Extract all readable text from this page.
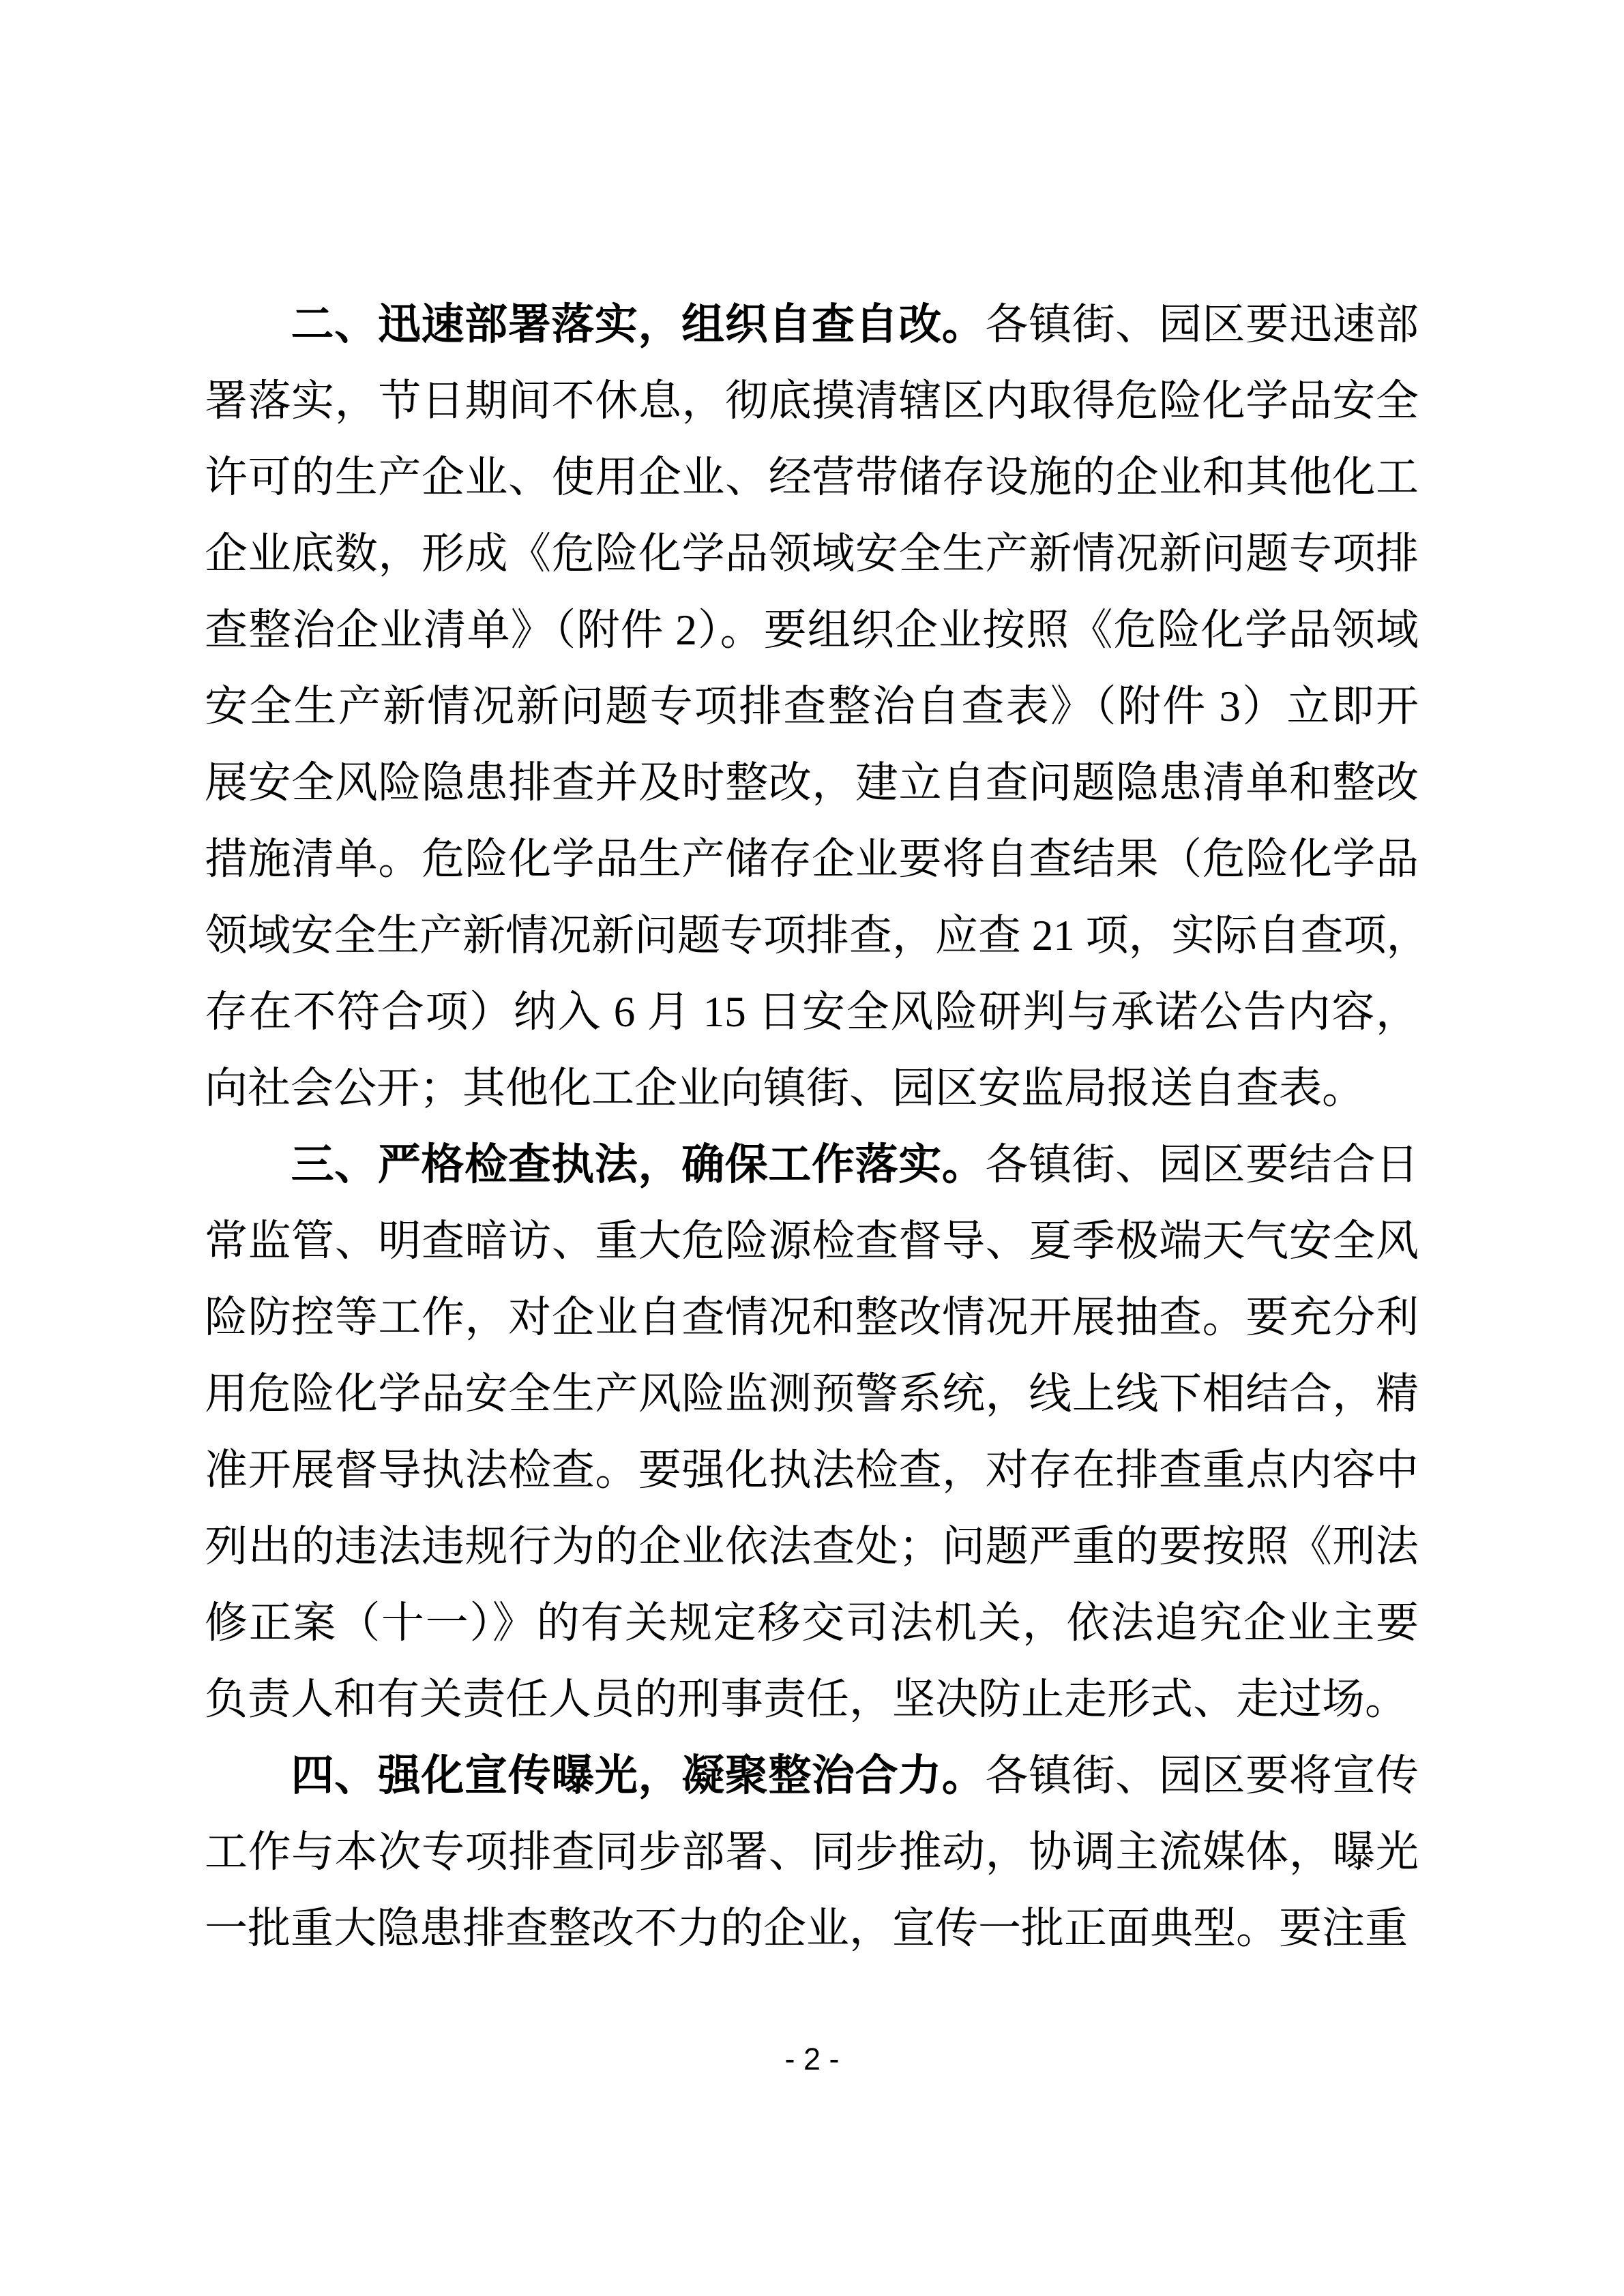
二、迅速部署落实，组织自查自改。各镇街、园区要迅速部
署落实，节日期间不休息，彻底摸清辖区内取得危险化学品安全
许可的生产企业、使用企业、经营带储存设施的企业和其他化工
企业底数，形成《危险化学品领域安全生产新情况新问题专项排
查整治企业清单》（附件 2）。要组织企业按照《危险化学品领域
安全生产新情况新问题专项排查整治自查表》（附件 3）立即开
展安全风险隐患排查并及时整改，建立自查问题隐患清单和整改
措施清单。危险化学品生产储存企业要将自查结果（危险化学品
领域安全生产新情况新问题专项排查，应查 21 项，实际自查项，
存在不符合项）纳入 6 月 15 日安全风险研判与承诺公告内容，
向社会公开；其他化工企业向镇街、园区安监局报送自查表。
三、严格检查执法，确保工作落实。各镇街、园区要结合日
常监管、明查暗访、重大危险源检查督导、夏季极端天气安全风
险防控等工作，对企业自查情况和整改情况开展抽查。要充分利
用危险化学品安全生产风险监测预警系统，线上线下相结合，精
准开展督导执法检查。要强化执法检查，对存在排查重点内容中
列出的违法违规行为的企业依法查处；问题严重的要按照《刑法
修正案（十一）》的有关规定移交司法机关，依法追究企业主要
负责人和有关责任人员的刑事责任，坚决防止走形式、走过场。
四、强化宣传曝光，凝聚整治合力。各镇街、园区要将宣传
工作与本次专项排查同步部署、同步推动，协调主流媒体，曝光
一批重大隐患排查整改不力的企业，宣传一批正面典型。要注重
- 2 -
